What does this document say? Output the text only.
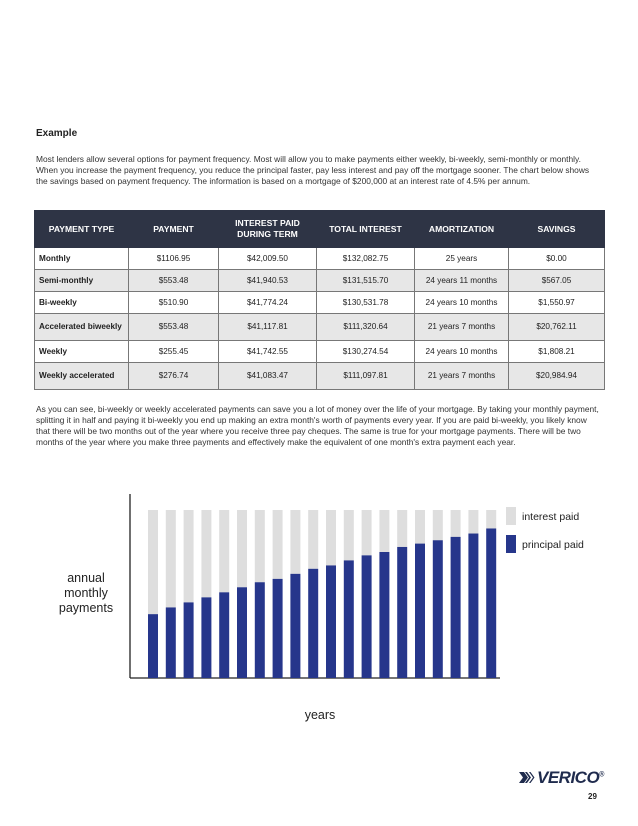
Example

Most lenders allow several options for payment frequency. Most will allow you to make payments either weekly, bi-weekly, semi-monthly or monthly. When you increase the payment frequency, you reduce the principal faster, pay less interest and pay off the mortgage sooner. The chart below shows the savings based on payment frequency. The information is based on a mortgage of $200,000 at an interest rate of 4.5% per annum.

PAYMENT TYPE	PAYMENT	INTEREST PAID DURING TERM	TOTAL INTEREST	AMORTIZATION	SAVINGS
Monthly	$1106.95	$42,009.50	$132,082.75	25 years	$0.00
Semi-monthly	$553.48	$41,940.53	$131,515.70	24 years 11 months	$567.05
Bi-weekly	$510.90	$41,774.24	$130,531.78	24 years 10 months	$1,550.97
Accelerated biweekly	$553.48	$41,117.81	$111,320.64	21 years 7 months	$20,762.11
Weekly	$255.45	$41,742.55	$130,274.54	24 years 10 months	$1,808.21
Weekly accelerated	$276.74	$41,083.47	$111,097.81	21 years 7 months	$20,984.94

As you can see, bi-weekly or weekly accelerated payments can save you a lot of money over the life of your mortgage. By taking your monthly payment, splitting it in half and paying it bi-weekly you end up making an extra month's worth of payments every year. If you are paid bi-weekly, you likely know that there will be two months out of the year where you receive three pay cheques. The same is true for your mortgage payments. There will be two months of the year where you make three payments and effectively make the equivalent of one month's extra payment each year.

annual
monthly
payments
years
interest paid
principal paid
VERICO®
29
